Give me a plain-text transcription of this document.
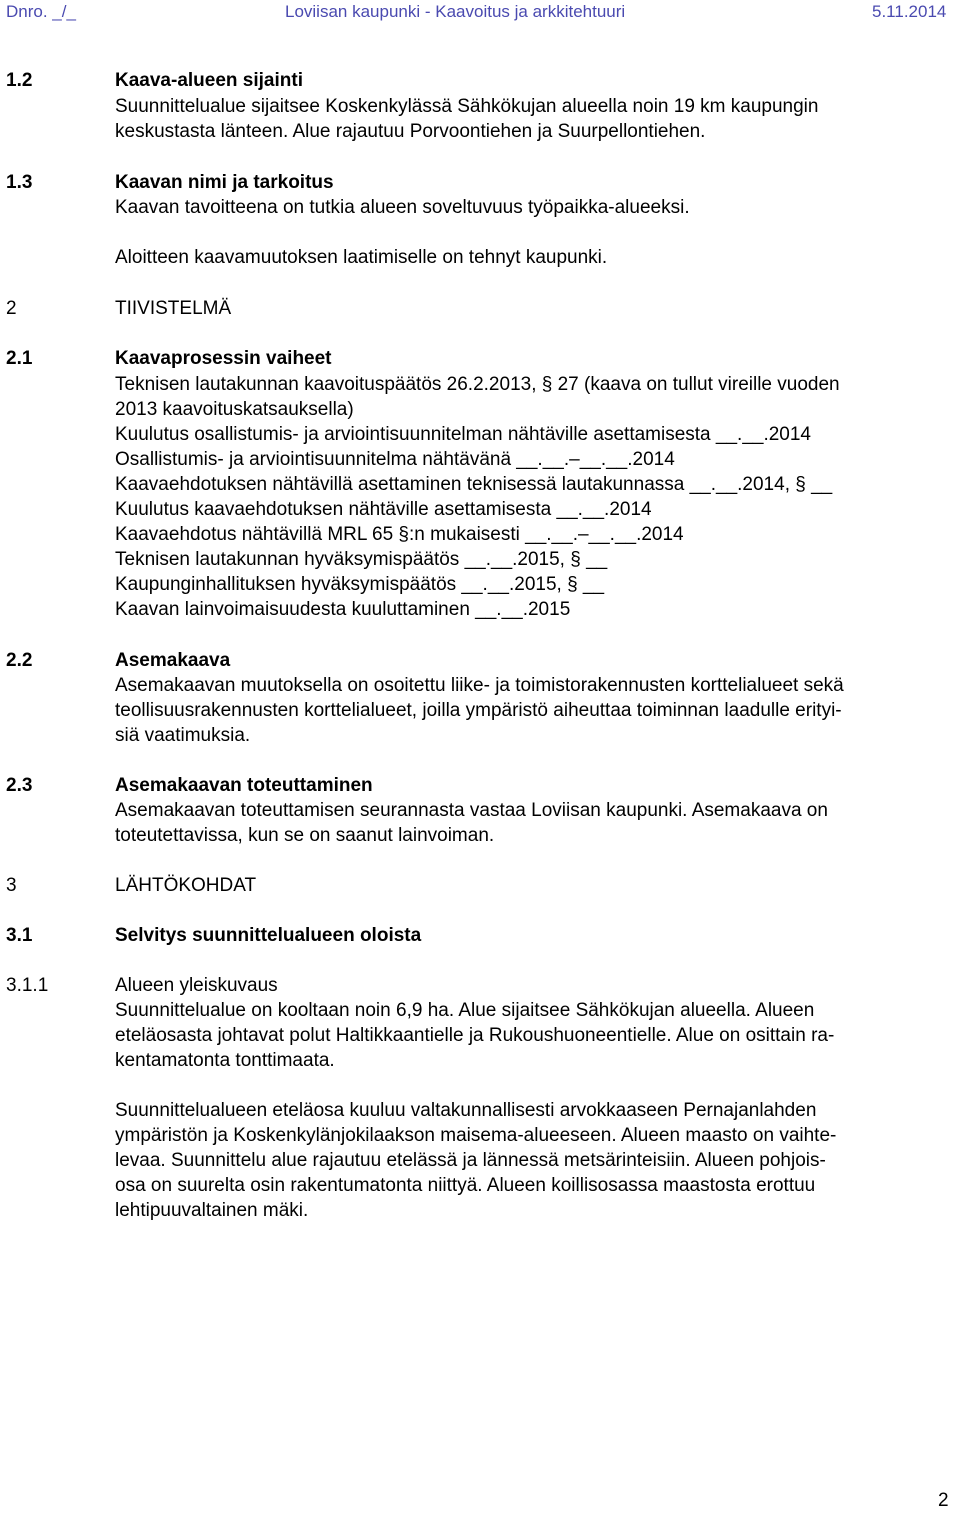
Dnro. _/_	Loviisan kaupunki - Kaavoitus ja arkkitehtuuri	5.11.2014
1.2	Kaava-alueen sijainti
Suunnittelualue sijaitsee Koskenkylässä Sähkökujan alueella noin 19 km kaupungin
keskustasta länteen. Alue rajautuu Porvoontiehen ja Suurpellontiehen.
1.3	Kaavan nimi ja tarkoitus
Kaavan tavoitteena on tutkia alueen soveltuvuus työpaikka-alueeksi.
Aloitteen kaavamuutoksen laatimiselle on tehnyt kaupunki.
2	TIIVISTELMÄ
2.1	Kaavaprosessin vaiheet
Teknisen lautakunnan kaavoituspäätös 26.2.2013, § 27 (kaava on tullut vireille vuoden
2013 kaavoituskatsauksella)
Kuulutus osallistumis- ja arviointisuunnitelman nähtäville asettamisesta __.__.2014
Osallistumis- ja arviointisuunnitelma nähtävänä __.__.–__.__.2014
Kaavaehdotuksen nähtävillä asettaminen teknisessä lautakunnassa __.__.2014, § __
Kuulutus kaavaehdotuksen nähtäville asettamisesta __.__.2014
Kaavaehdotus nähtävillä MRL 65 §:n mukaisesti __.__.–__.__.2014
Teknisen lautakunnan hyväksymispäätös __.__.2015, § __
Kaupunginhallituksen hyväksymispäätös __.__.2015, § __
Kaavan lainvoimaisuudesta kuuluttaminen __.__.2015
2.2	Asemakaava
Asemakaavan muutoksella on osoitettu liike- ja toimistorakennusten korttelialueet sekä
teollisuusrakennusten korttelialueet, joilla ympäristö aiheuttaa toiminnan laadulle erityi-
siä vaatimuksia.
2.3	Asemakaavan toteuttaminen
Asemakaavan toteuttamisen seurannasta vastaa Loviisan kaupunki. Asemakaava on
toteutettavissa, kun se on saanut lainvoiman.
3	LÄHTÖKOHDAT
3.1	Selvitys suunnittelualueen oloista
3.1.1	Alueen yleiskuvaus
Suunnittelualue on kooltaan noin 6,9 ha. Alue sijaitsee Sähkökujan alueella. Alueen
eteläosasta johtavat polut Haltikkaantielle ja Rukoushuoneentielle. Alue on osittain ra-
kentamatonta tonttimaata.
Suunnittelualueen eteläosa kuuluu valtakunnallisesti arvokkaaseen Pernajanlahden
ympäristön ja Koskenkylänjokilaakson maisema-alueeseen. Alueen maasto on vaihte-
levaa. Suunnittelu alue rajautuu etelässä ja lännessä metsärinteisiin. Alueen pohjois-
osa on suurelta osin rakentumatonta niittyä. Alueen koillisosassa maastosta erottuu
lehtipuuvaltainen mäki.
2
